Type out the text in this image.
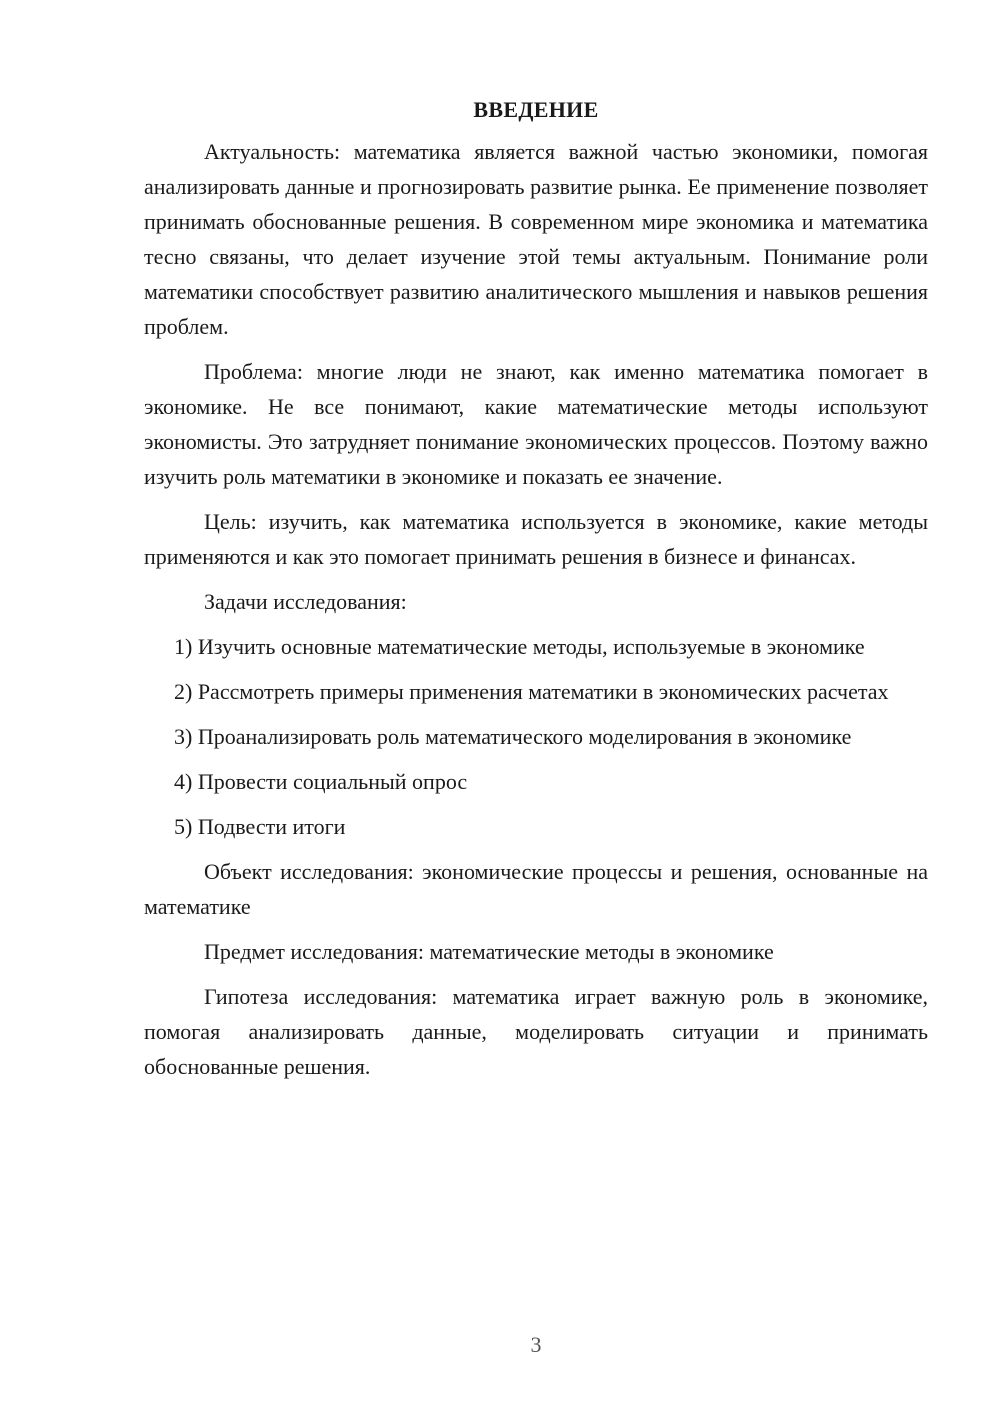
ВВЕДЕНИЕ

Актуальность: математика является важной частью экономики, помогая анализировать данные и прогнозировать развитие рынка. Ее применение позволяет принимать обоснованные решения. В современном мире экономика и математика тесно связаны, что делает изучение этой темы актуальным. Понимание роли математики способствует развитию аналитического мышления и навыков решения проблем.

Проблема: многие люди не знают, как именно математика помогает в экономике. Не все понимают, какие математические методы используют экономисты. Это затрудняет понимание экономических процессов. Поэтому важно изучить роль математики в экономике и показать ее значение.

Цель: изучить, как математика используется в экономике, какие методы применяются и как это помогает принимать решения в бизнесе и финансах.

Задачи исследования:

1) Изучить основные математические методы, используемые в экономике

2) Рассмотреть примеры применения математики в экономических расчетах

3) Проанализировать роль математического моделирования в экономике

4) Провести социальный опрос

5) Подвести итоги

Объект исследования: экономические процессы и решения, основанные на математике

Предмет исследования: математические методы в экономике

Гипотеза исследования: математика играет важную роль в экономике, помогая анализировать данные, моделировать ситуации и принимать обоснованные решения.

3
